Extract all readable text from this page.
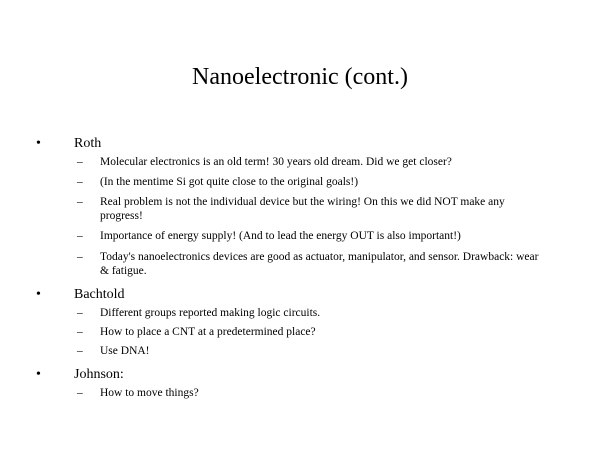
Nanoelectronic (cont.)
•	Roth
– Molecular electronics is an old term! 30 years old dream. Did we get closer?
– (In the mentime Si got quite close to the original goals!)
– Real problem is not the individual device but the wiring! On this we did NOT make any progress!
– Importance of energy supply! (And to lead the energy OUT is also important!)
– Today's nanoelectronics devices are good as actuator, manipulator, and sensor. Drawback: wear & fatigue.
•	Bachtold
– Different groups reported making logic circuits.
– How to place a CNT at a predetermined place?
– Use DNA!
•	Johnson:
– How to move things?
